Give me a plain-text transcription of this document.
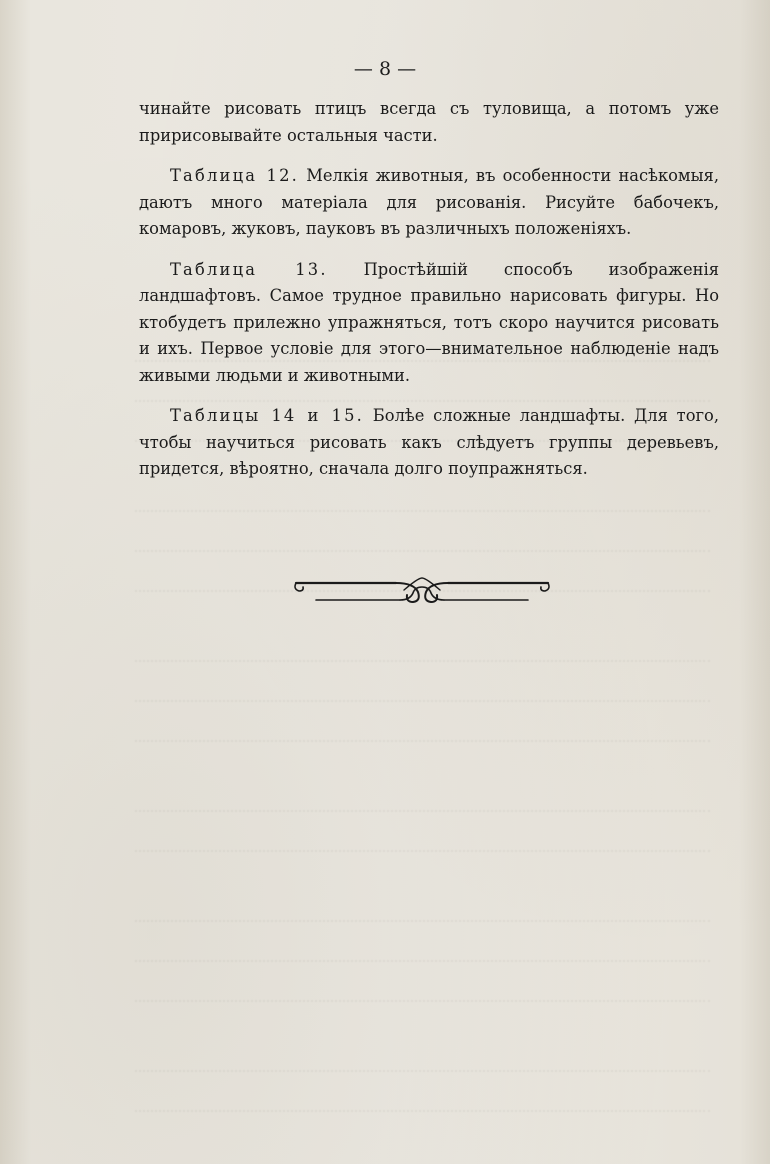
— 8 —

чинайте рисовать птицъ всегда съ туловища, а потомъ уже пририсовывайте остальныя части.

Таблица 12. Мелкія животныя, въ особенности насѣкомыя, даютъ много матеріала для рисованія. Рисуйте бабочекъ, комаровъ, жуковъ, пауковъ въ различныхъ положеніяхъ.

Таблица 13. Простѣйшій способъ изображенія ландшафтовъ. Самое трудное правильно нарисовать фигуры. Но ктобудетъ прилежно упражняться, тотъ скоро научится рисовать и ихъ. Первое условіе для этого—внимательное наблюденіе надъ живыми людьми и животными.

Таблицы 14 и 15. Болѣе сложные ландшафты. Для того, чтобы научиться рисовать какъ слѣдуетъ группы деревьевъ, придется, вѣроятно, сначала долго поупражняться.
